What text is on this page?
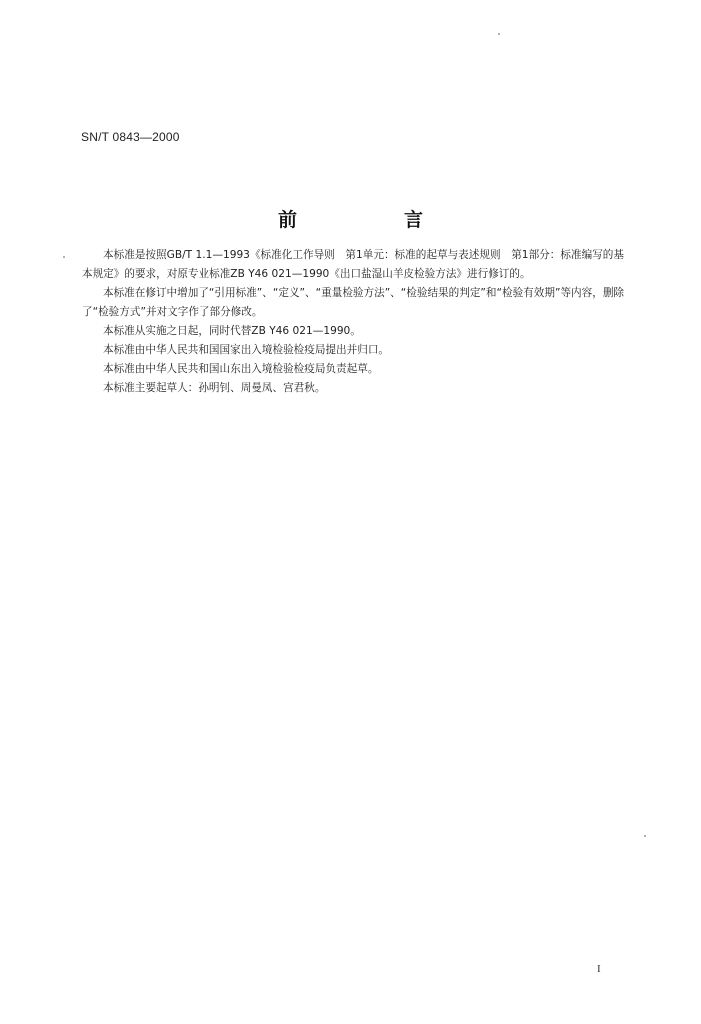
SN/T 0843—2000
前　言

本标准是按照GB/T 1.1—1993《标准化工作导则　第1单元：标准的起草与表述规则　第1部分：标准编写的基本规定》的要求，对原专业标准ZB Y46 021—1990《出口盐湿山羊皮检验方法》进行修订的。

本标准在修订中增加了“引用标准”、“定义”、“重量检验方法”、“检验结果的判定”和“检验有效期”等内容，删除了“检验方式”并对文字作了部分修改。

本标准从实施之日起，同时代替ZB Y46 021—1990。

本标准由中华人民共和国国家出入境检验检疫局提出并归口。

本标准由中华人民共和国山东出入境检验检疫局负责起草。

本标准主要起草人：孙明钊、周曼凤、宫君秋。

I
